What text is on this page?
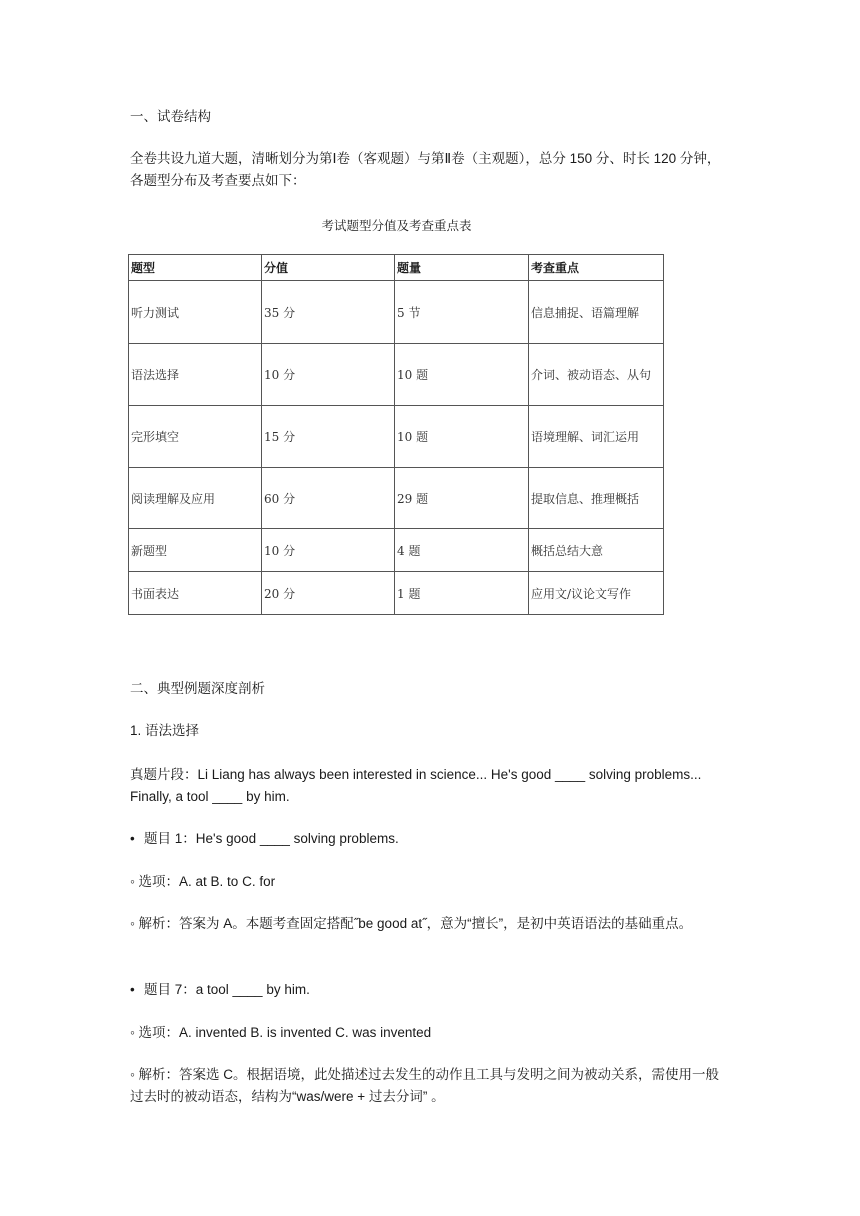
一、试卷结构
全卷共设九道大题，清晰划分为第Ⅰ卷（客观题）与第Ⅱ卷（主观题），总分 150 分、时长 120 分钟，各题型分布及考查要点如下：
考试题型分值及考查重点表
题型	分值	题量	考查重点
听力测试	35 分	5 节	信息捕捉、语篇理解
语法选择	10 分	10 题	介词、被动语态、从句
完形填空	15 分	10 题	语境理解、词汇运用
阅读理解及应用	60 分	29 题	提取信息、推理概括
新题型	10 分	4 题	概括总结大意
书面表达	20 分	1 题	应用文/议论文写作
二、典型例题深度剖析
1. 语法选择
真题片段：Li Liang has always been interested in science... He's good ____ solving problems... Finally, a tool ____ by him.
• 题目 1：He's good ____ solving problems.
◦ 选项：A. at B. to C. for
◦ 解析：答案为 A。本题考查固定搭配˝be good at˝，意为“擅长”，是初中英语语法的基础重点。
• 题目 7：a tool ____ by him.
◦ 选项：A. invented B. is invented C. was invented
◦ 解析：答案选 C。根据语境，此处描述过去发生的动作且工具与发明之间为被动关系，需使用一般过去时的被动语态，结构为“was/were + 过去分词” 。
